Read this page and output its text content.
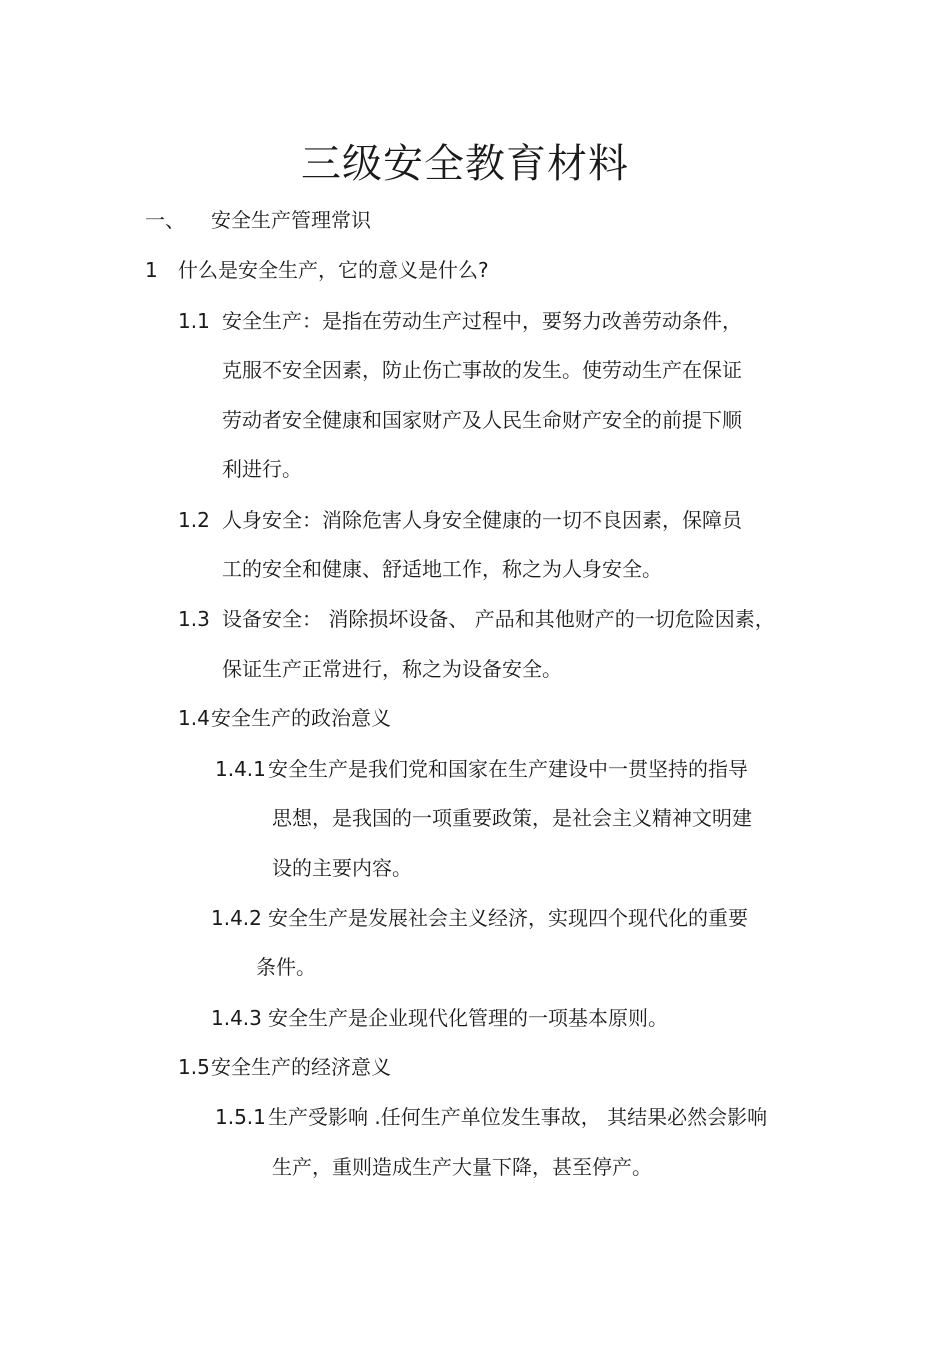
三级安全教育材料
一、 安全生产管理常识
1 什么是安全生产，它的意义是什么?
1.1 安全生产：是指在劳动生产过程中，要努力改善劳动条件，
克服不安全因素，防止伤亡事故的发生。使劳动生产在保证
劳动者安全健康和国家财产及人民生命财产安全的前提下顺
利进行。
1.2 人身安全：消除危害人身安全健康的一切不良因素，保障员
工的安全和健康、舒适地工作，称之为人身安全。
1.3 设备安全： 消除损坏设备、 产品和其他财产的一切危险因素，
保证生产正常进行，称之为设备安全。
1.4 安全生产的政治意义
1.4.1 安全生产是我们党和国家在生产建设中一贯坚持的指导
思想，是我国的一项重要政策，是社会主义精神文明建
设的主要内容。
1.4.2 安全生产是发展社会主义经济，实现四个现代化的重要
条件。
1.4.3 安全生产是企业现代化管理的一项基本原则。
1.5 安全生产的经济意义
1.5.1 生产受影响 .任何生产单位发生事故， 其结果必然会影响
生产，重则造成生产大量下降，甚至停产。
